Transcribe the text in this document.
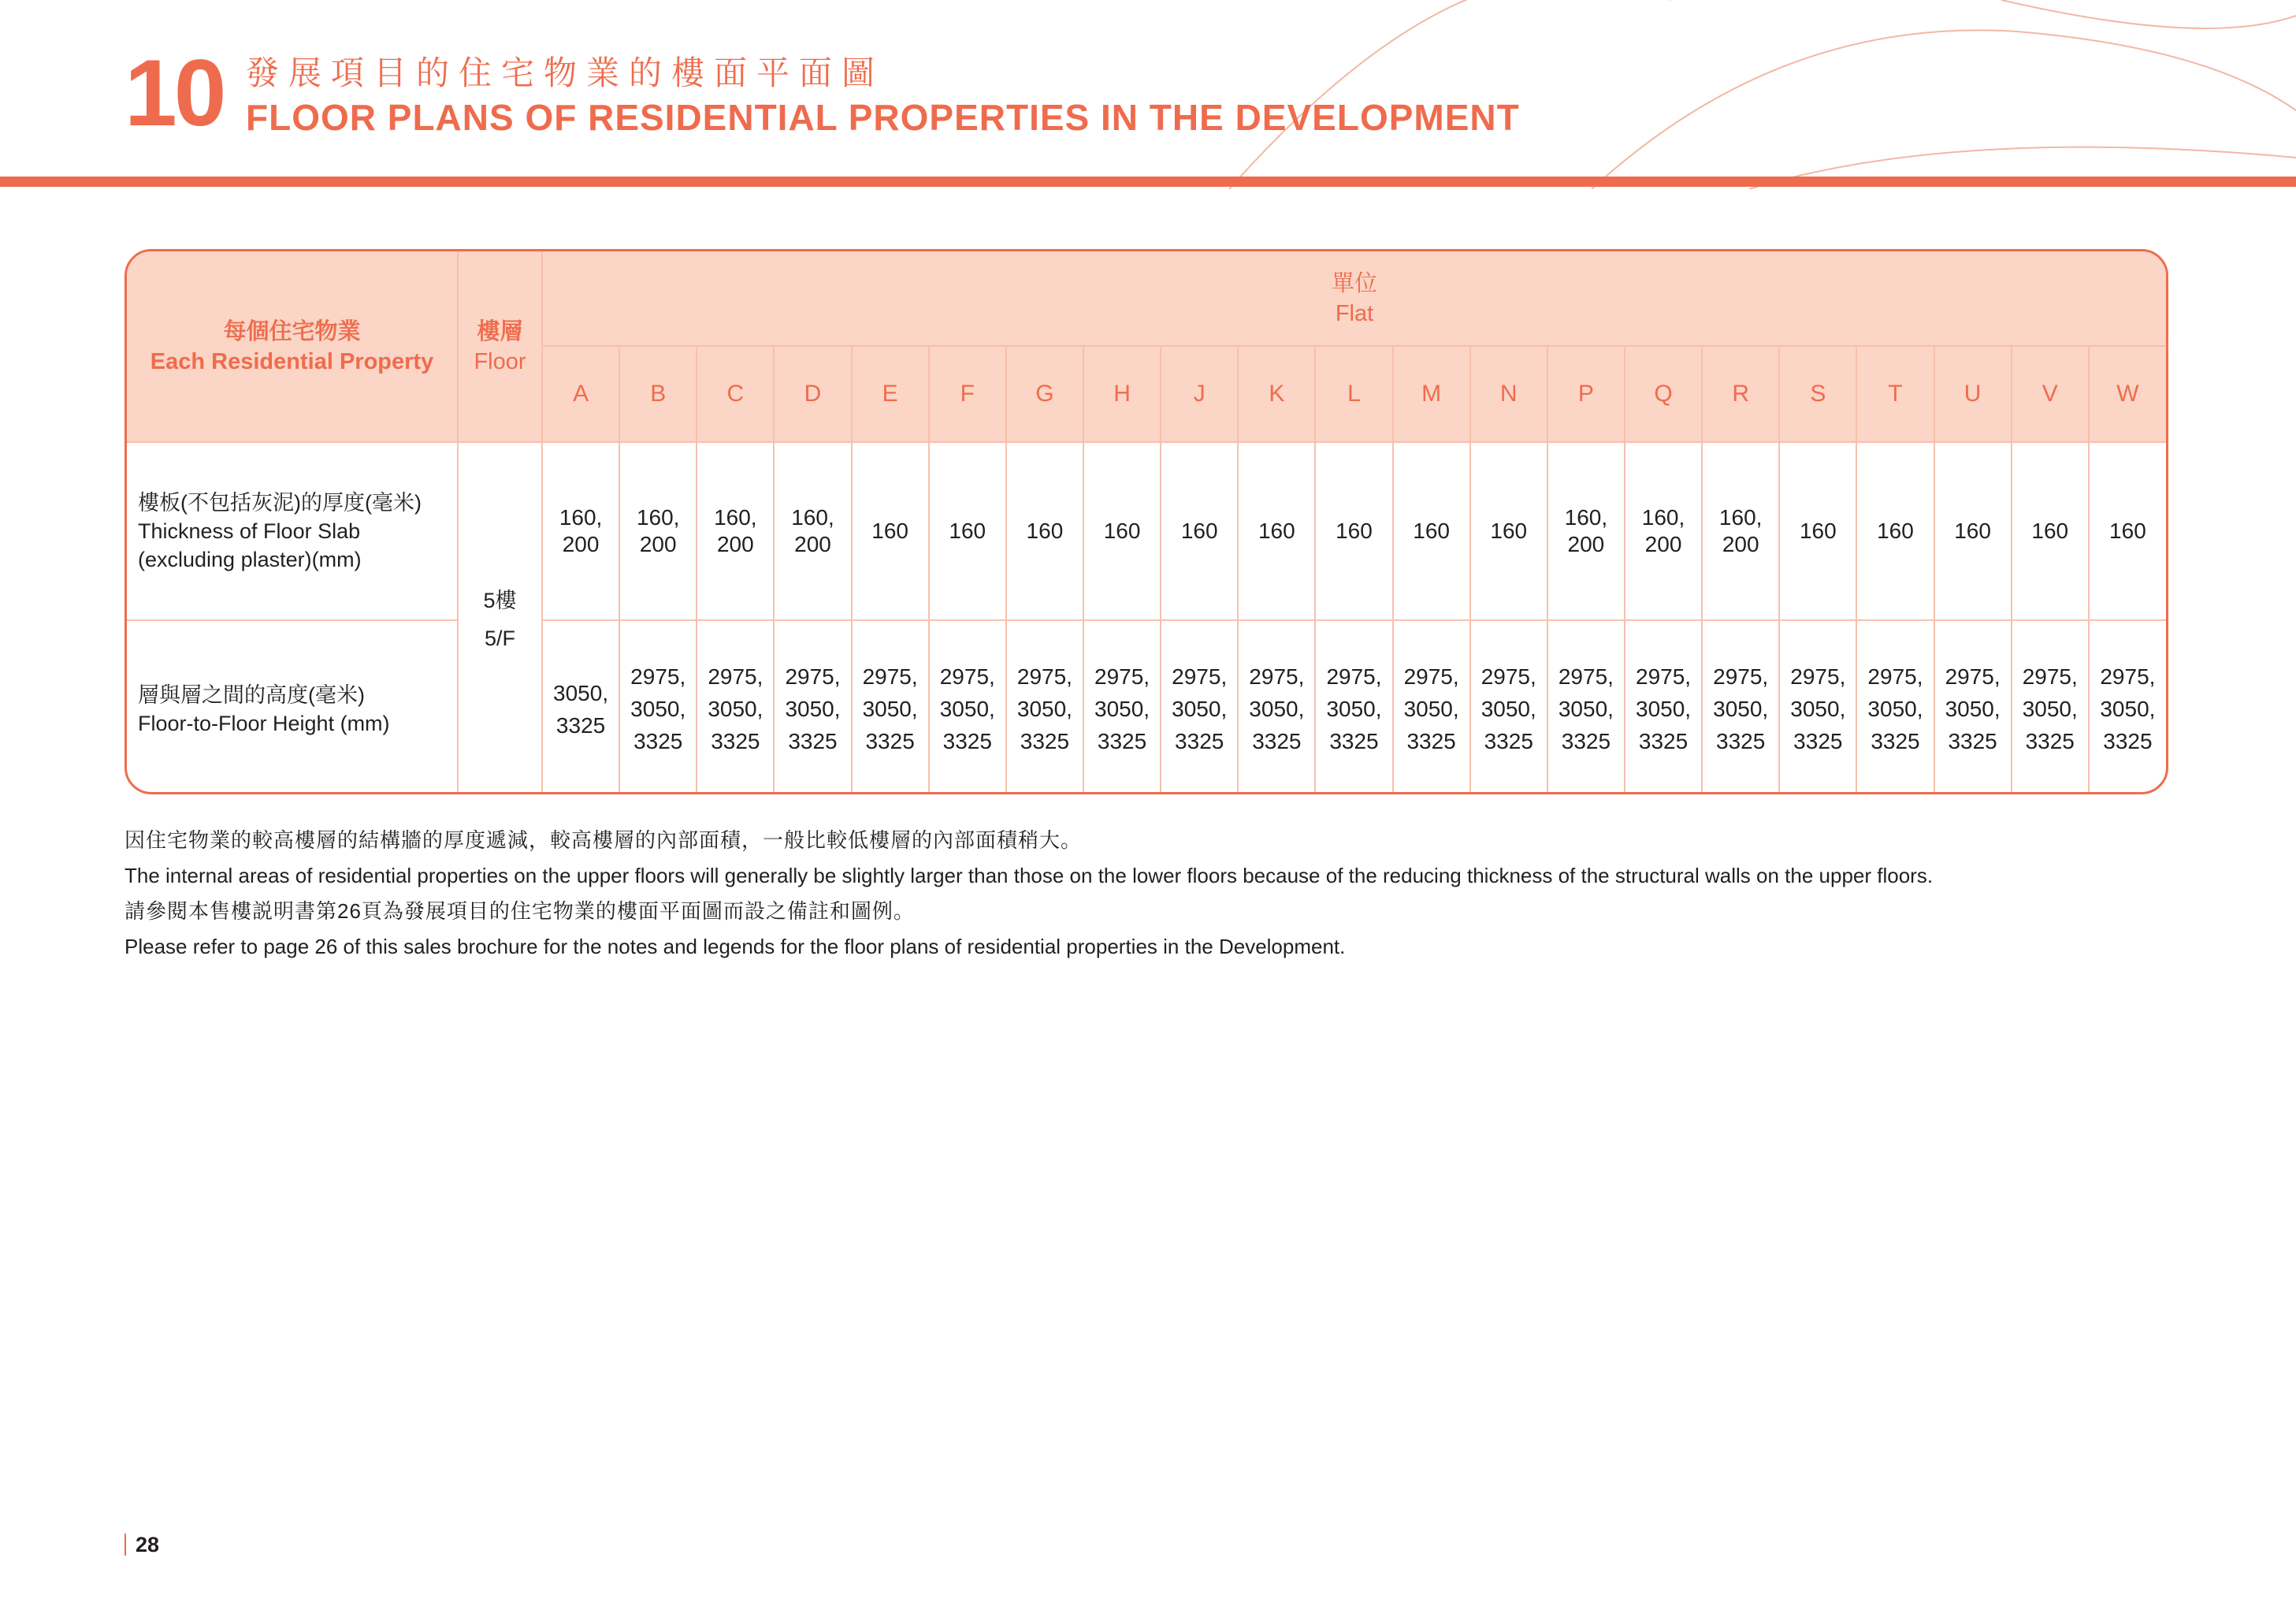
10 發展項目的住宅物業的樓面平面圖
FLOOR PLANS OF RESIDENTIAL PROPERTIES IN THE DEVELOPMENT
每個住宅物業
Each Residential Property	樓層
Floor	單位
Flat																				
		A	B	C	D	E	F	G	H	J	K	L	M	N	P	Q	R	S	T	U	V	W
樓板(不包括灰泥)的厚度(毫米)
Thickness of Floor Slab
(excluding plaster)(mm)	5樓
5/F	160,
200	160,
200	160,
200	160,
200	160	160	160	160	160	160	160	160	160	160,
200	160,
200	160,
200	160	160	160	160	160
層與層之間的高度(毫米)
Floor-to-Floor Height (mm)		3050,
3325	2975,
3050,
3325	2975,
3050,
3325	2975,
3050,
3325	2975,
3050,
3325	2975,
3050,
3325	2975,
3050,
3325	2975,
3050,
3325	2975,
3050,
3325	2975,
3050,
3325	2975,
3050,
3325	2975,
3050,
3325	2975,
3050,
3325	2975,
3050,
3325	2975,
3050,
3325	2975,
3050,
3325	2975,
3050,
3325	2975,
3050,
3325	2975,
3050,
3325	2975,
3050,
3325	2975,
3050,
3325
因住宅物業的較高樓層的結構牆的厚度遞減，較高樓層的內部面積，一般比較低樓層的內部面積稍大。
The internal areas of residential properties on the upper floors will generally be slightly larger than those on the lower floors because of the reducing thickness of the structural walls on the upper floors.
請參閱本售樓説明書第26頁為發展項目的住宅物業的樓面平面圖而設之備註和圖例。
Please refer to page 26 of this sales brochure for the notes and legends for the floor plans of residential properties in the Development.
28
